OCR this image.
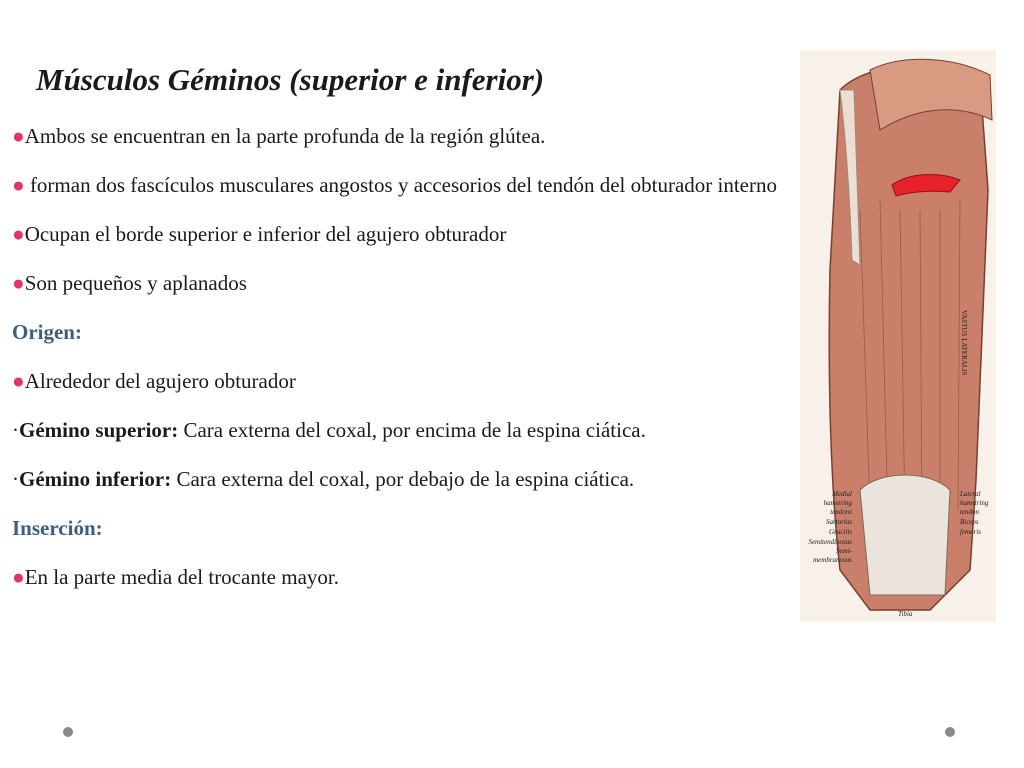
Músculos Géminos (superior e inferior)

●Ambos se encuentran en la parte profunda de la región glútea.

● forman dos fascículos musculares angostos y accesorios del tendón del obturador interno

●Ocupan el borde superior e inferior del agujero obturador

●Son pequeños y aplanados

Origen:

●Alrededor del agujero obturador

·Gémino superior: Cara externa del coxal, por encima de la espina ciática.

·Gémino inferior: Cara externa del coxal, por debajo de la espina ciática.

Inserción:

●En la parte media del trocante mayor.

VASTUS LATERALIS
Medial
hamstring
tendons
Sartorius
Gracilis
Semitendinosus
Semi-
membranosus
Lateral
hamstring
tendon
Biceps
femoris
Tibia
